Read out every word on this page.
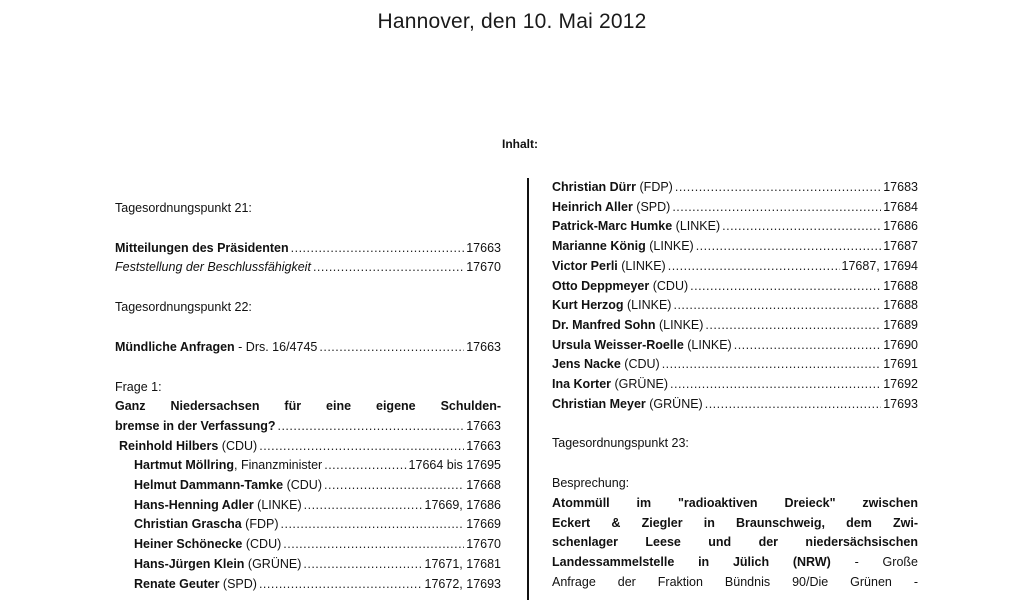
Hannover, den 10. Mai 2012
Inhalt:
Tagesordnungspunkt 21:
Mitteilungen des Präsidenten .....	17663
Feststellung der Beschlussfähigkeit .....	17670
Tagesordnungspunkt 22:
Mündliche Anfragen - Drs. 16/4745 .....	17663
Frage 1:
Ganz Niedersachsen für eine eigene Schulden-
bremse in der Verfassung? .....	17663
Reinhold Hilbers (CDU) .....	17663
Hartmut Möllring, Finanzminister .....	17664 bis 17695
Helmut Dammann-Tamke (CDU) .....	17668
Hans-Henning Adler (LINKE) .....	17669, 17686
Christian Grascha (FDP) .....	17669
Heiner Schönecke (CDU) .....	17670
Hans-Jürgen Klein (GRÜNE) .....	17671, 17681
Renate Geuter (SPD) .....	17672, 17693
Christian Dürr (FDP) .....	17683
Heinrich Aller (SPD) .....	17684
Patrick-Marc Humke (LINKE) .....	17686
Marianne König (LINKE) .....	17687
Victor Perli (LINKE) .....	17687, 17694
Otto Deppmeyer (CDU) .....	17688
Kurt Herzog (LINKE) .....	17688
Dr. Manfred Sohn (LINKE) .....	17689
Ursula Weisser-Roelle (LINKE) .....	17690
Jens Nacke (CDU) .....	17691
Ina Korter (GRÜNE) .....	17692
Christian Meyer (GRÜNE) .....	17693
Tagesordnungspunkt 23:
Besprechung:
Atommüll im "radioaktiven Dreieck" zwischen
Eckert & Ziegler in Braunschweig, dem Zwi-
schenlager Leese und der niedersächsischen
Landessammelstelle in Jülich (NRW) - Große
Anfrage der Fraktion Bündnis 90/Die Grünen -
